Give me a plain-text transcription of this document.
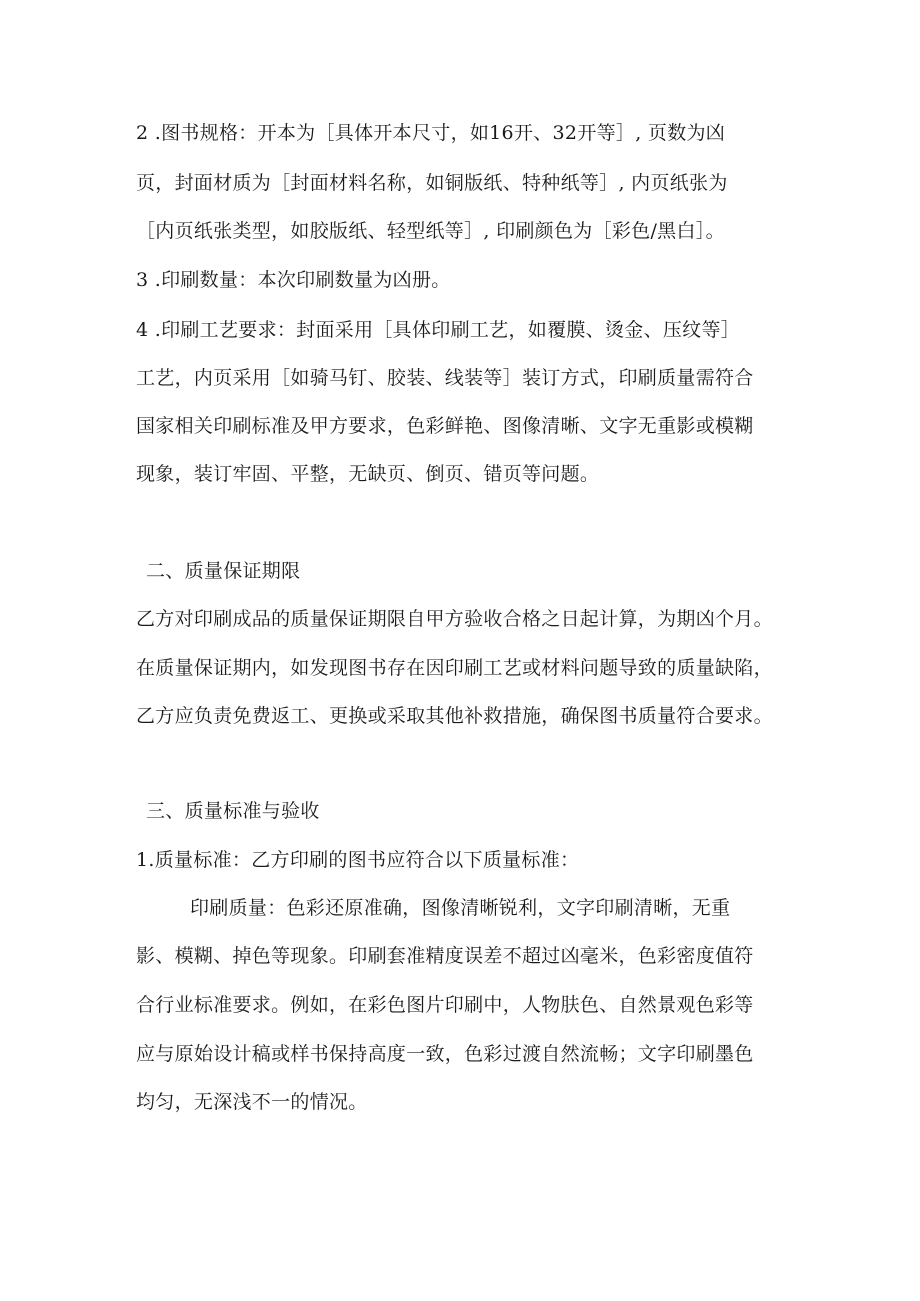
2 .图书规格：开本为［具体开本尺寸，如16开、32开等］, 页数为凶
页，封面材质为［封面材料名称，如铜版纸、特种纸等］, 内页纸张为
［内页纸张类型，如胶版纸、轻型纸等］, 印刷颜色为［彩色/黑白］。
3 .印刷数量：本次印刷数量为凶册。
4 .印刷工艺要求：封面采用［具体印刷工艺，如覆膜、烫金、压纹等］
工艺，内页采用［如骑马钉、胶装、线装等］装订方式，印刷质量需符合
国家相关印刷标准及甲方要求，色彩鲜艳、图像清晰、文字无重影或模糊
现象，装订牢固、平整，无缺页、倒页、错页等问题。
二、质量保证期限
乙方对印刷成品的质量保证期限自甲方验收合格之日起计算，为期凶个月。
在质量保证期内，如发现图书存在因印刷工艺或材料问题导致的质量缺陷，
乙方应负责免费返工、更换或采取其他补救措施，确保图书质量符合要求。
三、质量标准与验收
1.质量标准：乙方印刷的图书应符合以下质量标准：
印刷质量：色彩还原准确，图像清晰锐利，文字印刷清晰，无重
影、模糊、掉色等现象。印刷套准精度误差不超过凶毫米，色彩密度值符
合行业标准要求。例如，在彩色图片印刷中，人物肤色、自然景观色彩等
应与原始设计稿或样书保持高度一致，色彩过渡自然流畅；文字印刷墨色
均匀，无深浅不一的情况。
